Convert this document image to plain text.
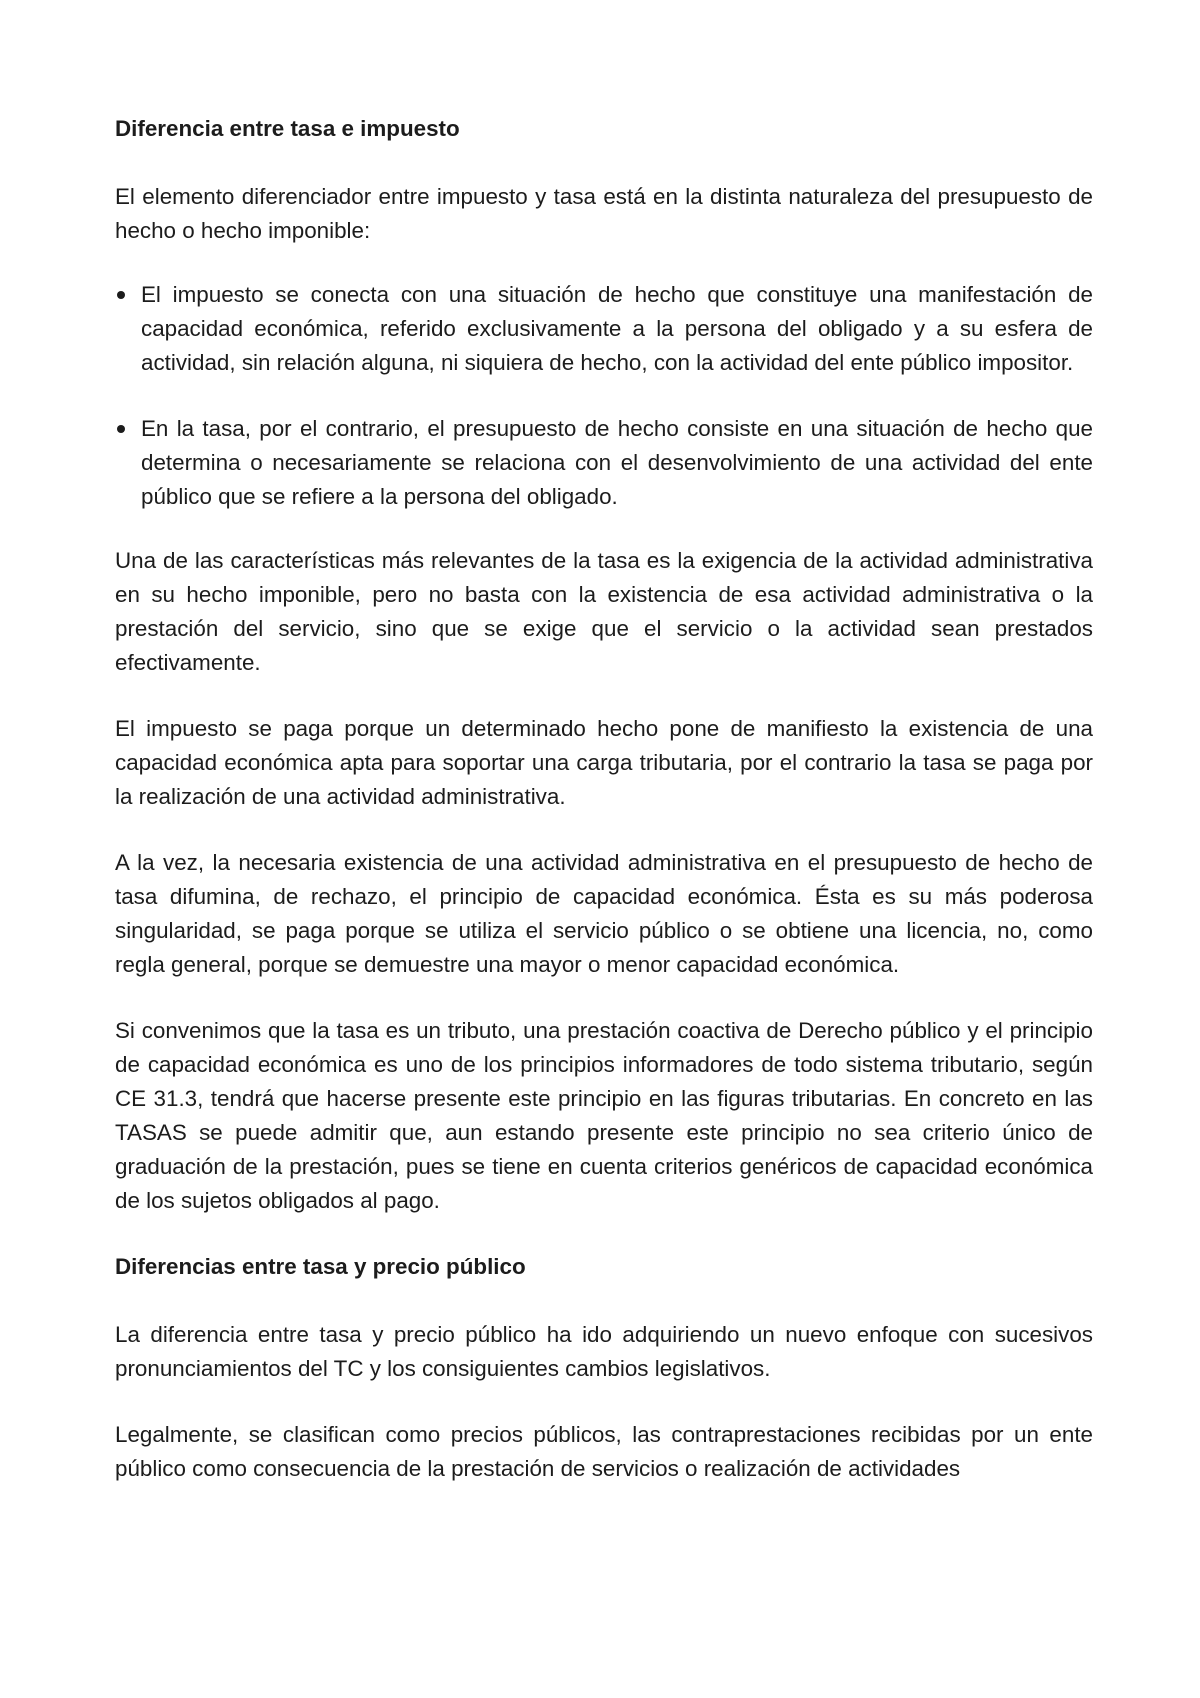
Diferencia entre tasa e impuesto

El elemento diferenciador entre impuesto y tasa está en la distinta naturaleza del presupuesto de hecho o hecho imponible:

El impuesto se conecta con una situación de hecho que constituye una manifestación de capacidad económica, referido exclusivamente a la persona del obligado y a su esfera de actividad, sin relación alguna, ni siquiera de hecho, con la actividad del ente público impositor.
En la tasa, por el contrario, el presupuesto de hecho consiste en una situación de hecho que determina o necesariamente se relaciona con el desenvolvimiento de una actividad del ente público que se refiere a la persona del obligado.

Una de las características más relevantes de la tasa es la exigencia de la actividad administrativa en su hecho imponible, pero no basta con la existencia de esa actividad administrativa o la prestación del servicio, sino que se exige que el servicio o la actividad sean prestados efectivamente.

El impuesto se paga porque un determinado hecho pone de manifiesto la existencia de una capacidad económica apta para soportar una carga tributaria, por el contrario la tasa se paga por la realización de una actividad administrativa.

A la vez, la necesaria existencia de una actividad administrativa en el presupuesto de hecho de tasa difumina, de rechazo, el principio de capacidad económica. Ésta es su más poderosa singularidad, se paga porque se utiliza el servicio público o se obtiene una licencia, no, como regla general, porque se demuestre una mayor o menor capacidad económica.

Si convenimos que la tasa es un tributo, una prestación coactiva de Derecho público y el principio de capacidad económica es uno de los principios informadores de todo sistema tributario, según CE 31.3, tendrá que hacerse presente este principio en las figuras tributarias. En concreto en las TASAS se puede admitir que, aun estando presente este principio no sea criterio único de graduación de la prestación, pues se tiene en cuenta criterios genéricos de capacidad económica de los sujetos obligados al pago.

Diferencias entre tasa y precio público

La diferencia entre tasa y precio público ha ido adquiriendo un nuevo enfoque con sucesivos pronunciamientos del TC y los consiguientes cambios legislativos.

Legalmente, se clasifican como precios públicos, las contraprestaciones recibidas por un ente público como consecuencia de la prestación de servicios o realización de actividades
